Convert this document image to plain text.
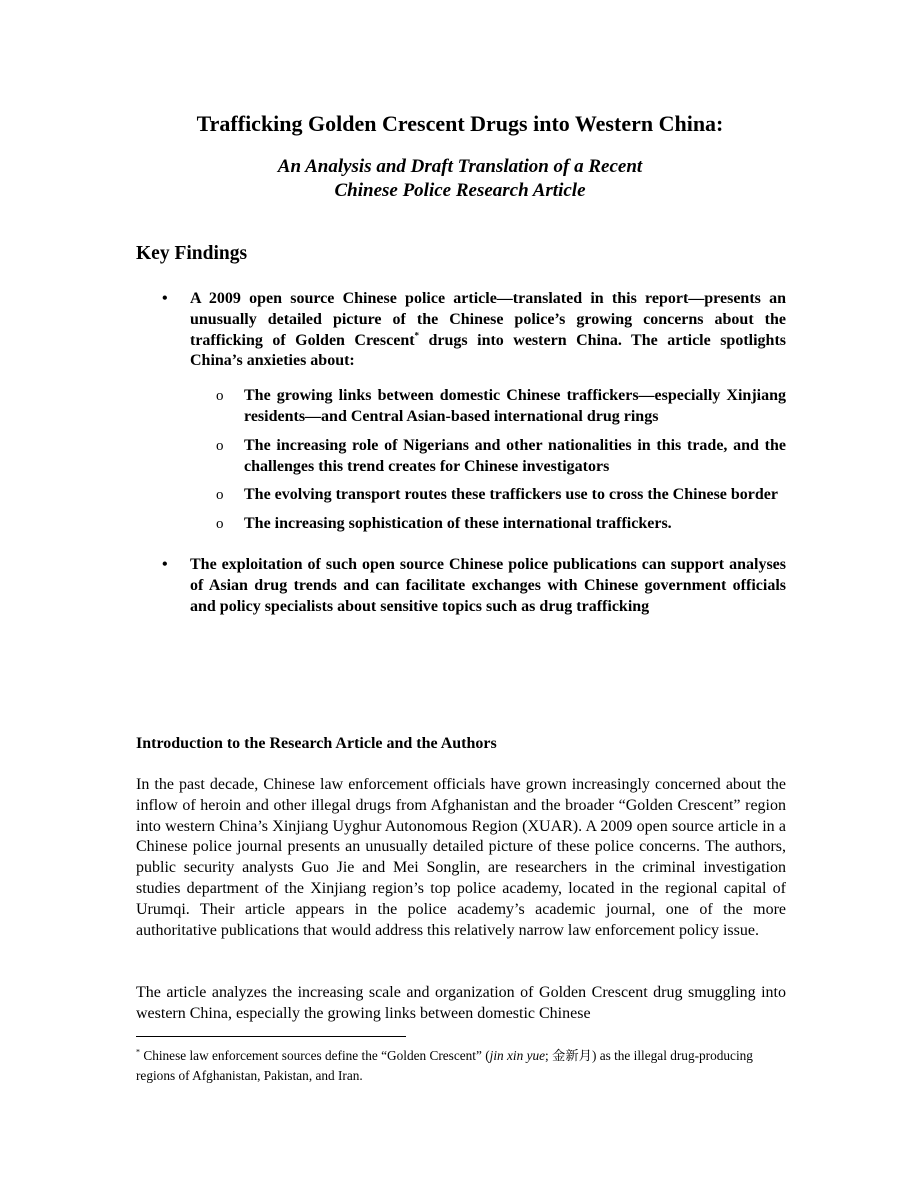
Trafficking Golden Crescent Drugs into Western China:
An Analysis and Draft Translation of a Recent
Chinese Police Research Article
Key Findings
• A 2009 open source Chinese police article—translated in this report—presents an unusually detailed picture of the Chinese police’s growing concerns about the trafficking of Golden Crescent* drugs into western China. The article spotlights China’s anxieties about:
o The growing links between domestic Chinese traffickers—especially Xinjiang residents—and Central Asian-based international drug rings
o The increasing role of Nigerians and other nationalities in this trade, and the challenges this trend creates for Chinese investigators
o The evolving transport routes these traffickers use to cross the Chinese border
o The increasing sophistication of these international traffickers.
• The exploitation of such open source Chinese police publications can support analyses of Asian drug trends and can facilitate exchanges with Chinese government officials and policy specialists about sensitive topics such as drug trafficking
Introduction to the Research Article and the Authors
In the past decade, Chinese law enforcement officials have grown increasingly concerned about the inflow of heroin and other illegal drugs from Afghanistan and the broader “Golden Crescent” region into western China’s Xinjiang Uyghur Autonomous Region (XUAR). A 2009 open source article in a Chinese police journal presents an unusually detailed picture of these police concerns. The authors, public security analysts Guo Jie and Mei Songlin, are researchers in the criminal investigation studies department of the Xinjiang region’s top police academy, located in the regional capital of Urumqi. Their article appears in the police academy’s academic journal, one of the more authoritative publications that would address this relatively narrow law enforcement policy issue.
The article analyzes the increasing scale and organization of Golden Crescent drug smuggling into western China, especially the growing links between domestic Chinese
* Chinese law enforcement sources define the “Golden Crescent” (jin xin yue; 金新月) as the illegal drug-producing regions of Afghanistan, Pakistan, and Iran.
